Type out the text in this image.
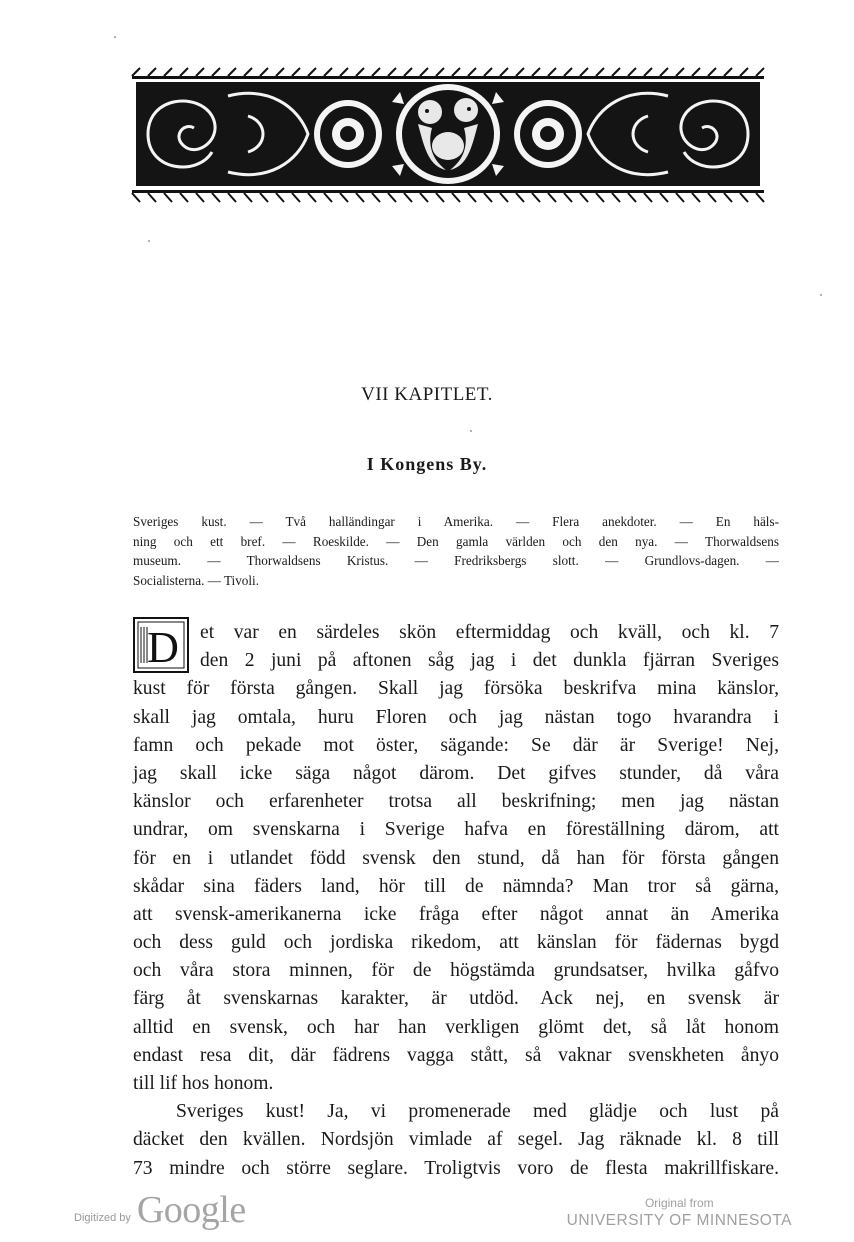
VII KAPITLET.
I Kongens By.
Sveriges kust. — Två halländingar i Amerika. — Flera anekdoter. — En häls-
ning och ett bref. — Roeskilde. — Den gamla världen och den nya. — Thorwaldsens
museum. — Thorwaldsens Kristus. — Fredriksbergs slott. — Grundlovs-dagen. —
Socialisterna. — Tivoli.
D	et var en särdeles skön eftermiddag och kväll, och kl. 7
den 2 juni på aftonen såg jag i det dunkla fjärran Sveriges
kust för första gången. Skall jag försöka beskrifva mina känslor,
skall jag omtala, huru Floren och jag nästan togo hvarandra i
famn och pekade mot öster, sägande: Se där är Sverige! Nej,
jag skall icke säga något därom. Det gifves stunder, då våra
känslor och erfarenheter trotsa all beskrifning; men jag nästan
undrar, om svenskarna i Sverige hafva en föreställning därom, att
för en i utlandet född svensk den stund, då han för första gången
skådar sina fäders land, hör till de nämnda? Man tror så gärna,
att svensk-amerikanerna icke fråga efter något annat än Amerika
och dess guld och jordiska rikedom, att känslan för fädernas bygd
och våra stora minnen, för de högstämda grundsatser, hvilka gåfvo
färg åt svenskarnas karakter, är utdöd. Ack nej, en svensk är
alltid en svensk, och har han verkligen glömt det, så låt honom
endast resa dit, där fädrens vagga stått, så vaknar svenskheten ånyo
till lif hos honom.
Sveriges kust! Ja, vi promenerade med glädje och lust på
däcket den kvällen. Nordsjön vimlade af segel. Jag räknade kl. 8 till
73 mindre och större seglare. Troligtvis voro de flesta makrillfiskare.
Digitized by Google	Original from
UNIVERSITY OF MINNESOTA
